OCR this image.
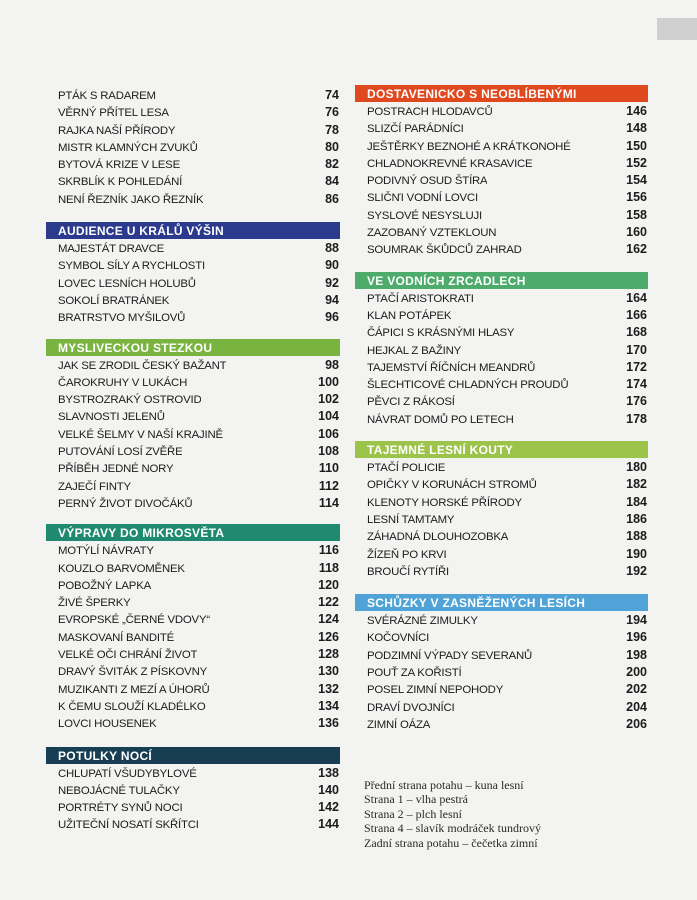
PTÁK S RADAREM	74
VĚRNÝ PŘÍTEL LESA	76
RAJKA NAŠÍ PŘÍRODY	78
MISTR KLAMNÝCH ZVUKŮ	80
BYTOVÁ KRIZE V LESE	82
SKRBLÍK K POHLEDÁNÍ	84
NENÍ ŘEZNÍK JAKO ŘEZNÍK	86
AUDIENCE U KRÁLŮ VÝŠIN
MAJESTÁT DRAVCE	88
SYMBOL SÍLY A RYCHLOSTI	90
LOVEC LESNÍCH HOLUBŮ	92
SOKOLÍ BRATRÁNEK	94
BRATRSTVO MYŠILOVŮ	96
MYSLIVECKOU STEZKOU
JAK SE ZRODIL ČESKÝ BAŽANT	98
ČAROKRUHY V LUKÁCH	100
BYSTROZRAKÝ OSTROVID	102
SLAVNOSTI JELENŮ	104
VELKÉ ŠELMY V NAŠÍ KRAJINĚ	106
PUTOVÁNÍ LOSÍ ZVĚŘE	108
PŘÍBĚH JEDNÉ NORY	110
ZAJEČÍ FINTY	112
PERNÝ ŽIVOT DIVOČÁKŮ	114
VÝPRAVY DO MIKROSVĚTA
MOTÝLÍ NÁVRATY	116
KOUZLO BARVOMĚNEK	118
POBOŽNÝ LAPKA	120
ŽIVÉ ŠPERKY	122
EVROPSKÉ „ČERNÉ VDOVY“	124
MASKOVANÍ BANDITÉ	126
VELKÉ OČI CHRÁNÍ ŽIVOT	128
DRAVÝ ŠVITÁK Z PÍSKOVNY	130
MUZIKANTI Z MEZÍ A ÚHORŮ	132
K ČEMU SLOUŽÍ KLADÉLKO	134
LOVCI HOUSENEK	136
POTULKY NOCÍ
CHLUPATÍ VŠUDYBYLOVÉ	138
NEBOJÁCNÉ TULAČKY	140
PORTRÉTY SYNŮ NOCI	142
UŽITEČNÍ NOSATÍ SKŘÍTCI	144
DOSTAVENICKO S NEOBLÍBENÝMI
POSTRACH HLODAVCŮ	146
SLIZČÍ PARÁDNÍCI	148
JEŠTĚRKY BEZNOHÉ A KRÁTKONOHÉ	150
CHLADNOKREVNÉ KRASAVICE	152
PODIVNÝ OSUD ŠTÍRA	154
SLIČNΊ VODNÍ LOVCI	156
SYSLOVÉ NESYSLUJI	158
ZAZOBANÝ VZTEKLOUN	160
SOUMRAK ŠKŮDCŮ ZAHRAD	162
VE VODNÍCH ZRCADLECH
PTAČÍ ARISTOKRATI	164
KLAN POTÁPEK	166
ČÁPICI S KRÁSNÝMI HLASY	168
HEJKAL Z BAŽINY	170
TAJEMSTVÍ ŘÍČNÍCH MEANDRŮ	172
ŠLECHTICOVÉ CHLADNÝCH PROUDŮ	174
PĚVCI Z RÁKOSÍ	176
NÁVRAT DOMŮ PO LETECH	178
TAJEMNÉ LESNÍ KOUTY
PTAČÍ POLICIE	180
OPIČKY V KORUNÁCH STROMŮ	182
KLENOTY HORSKÉ PŘÍRODY	184
LESNÍ TAMTAMY	186
ZÁHADNÁ DLOUHOZOBKA	188
ŽÍZEŇ PO KRVI	190
BROUČÍ RYTÍŘI	192
SCHŮZKY V ZASNĚŽENÝCH LESÍCH
SVÉRÁZNÉ ZIMULKY	194
KOČOVNÍCI	196
PODZIMNÍ VÝPADY SEVERANŮ	198
POUŤ ZA KOŘISTÍ	200
POSEL ZIMNÍ NEPOHODY	202
DRAVÍ DVOJNÍCI	204
ZIMNÍ OÁZA	206
Přední strana potahu – kuna lesní
Strana 1 – vlha pestrá
Strana 2 – plch lesní
Strana 4 – slavík modráček tundrový
Zadní strana potahu – čečetka zimní
